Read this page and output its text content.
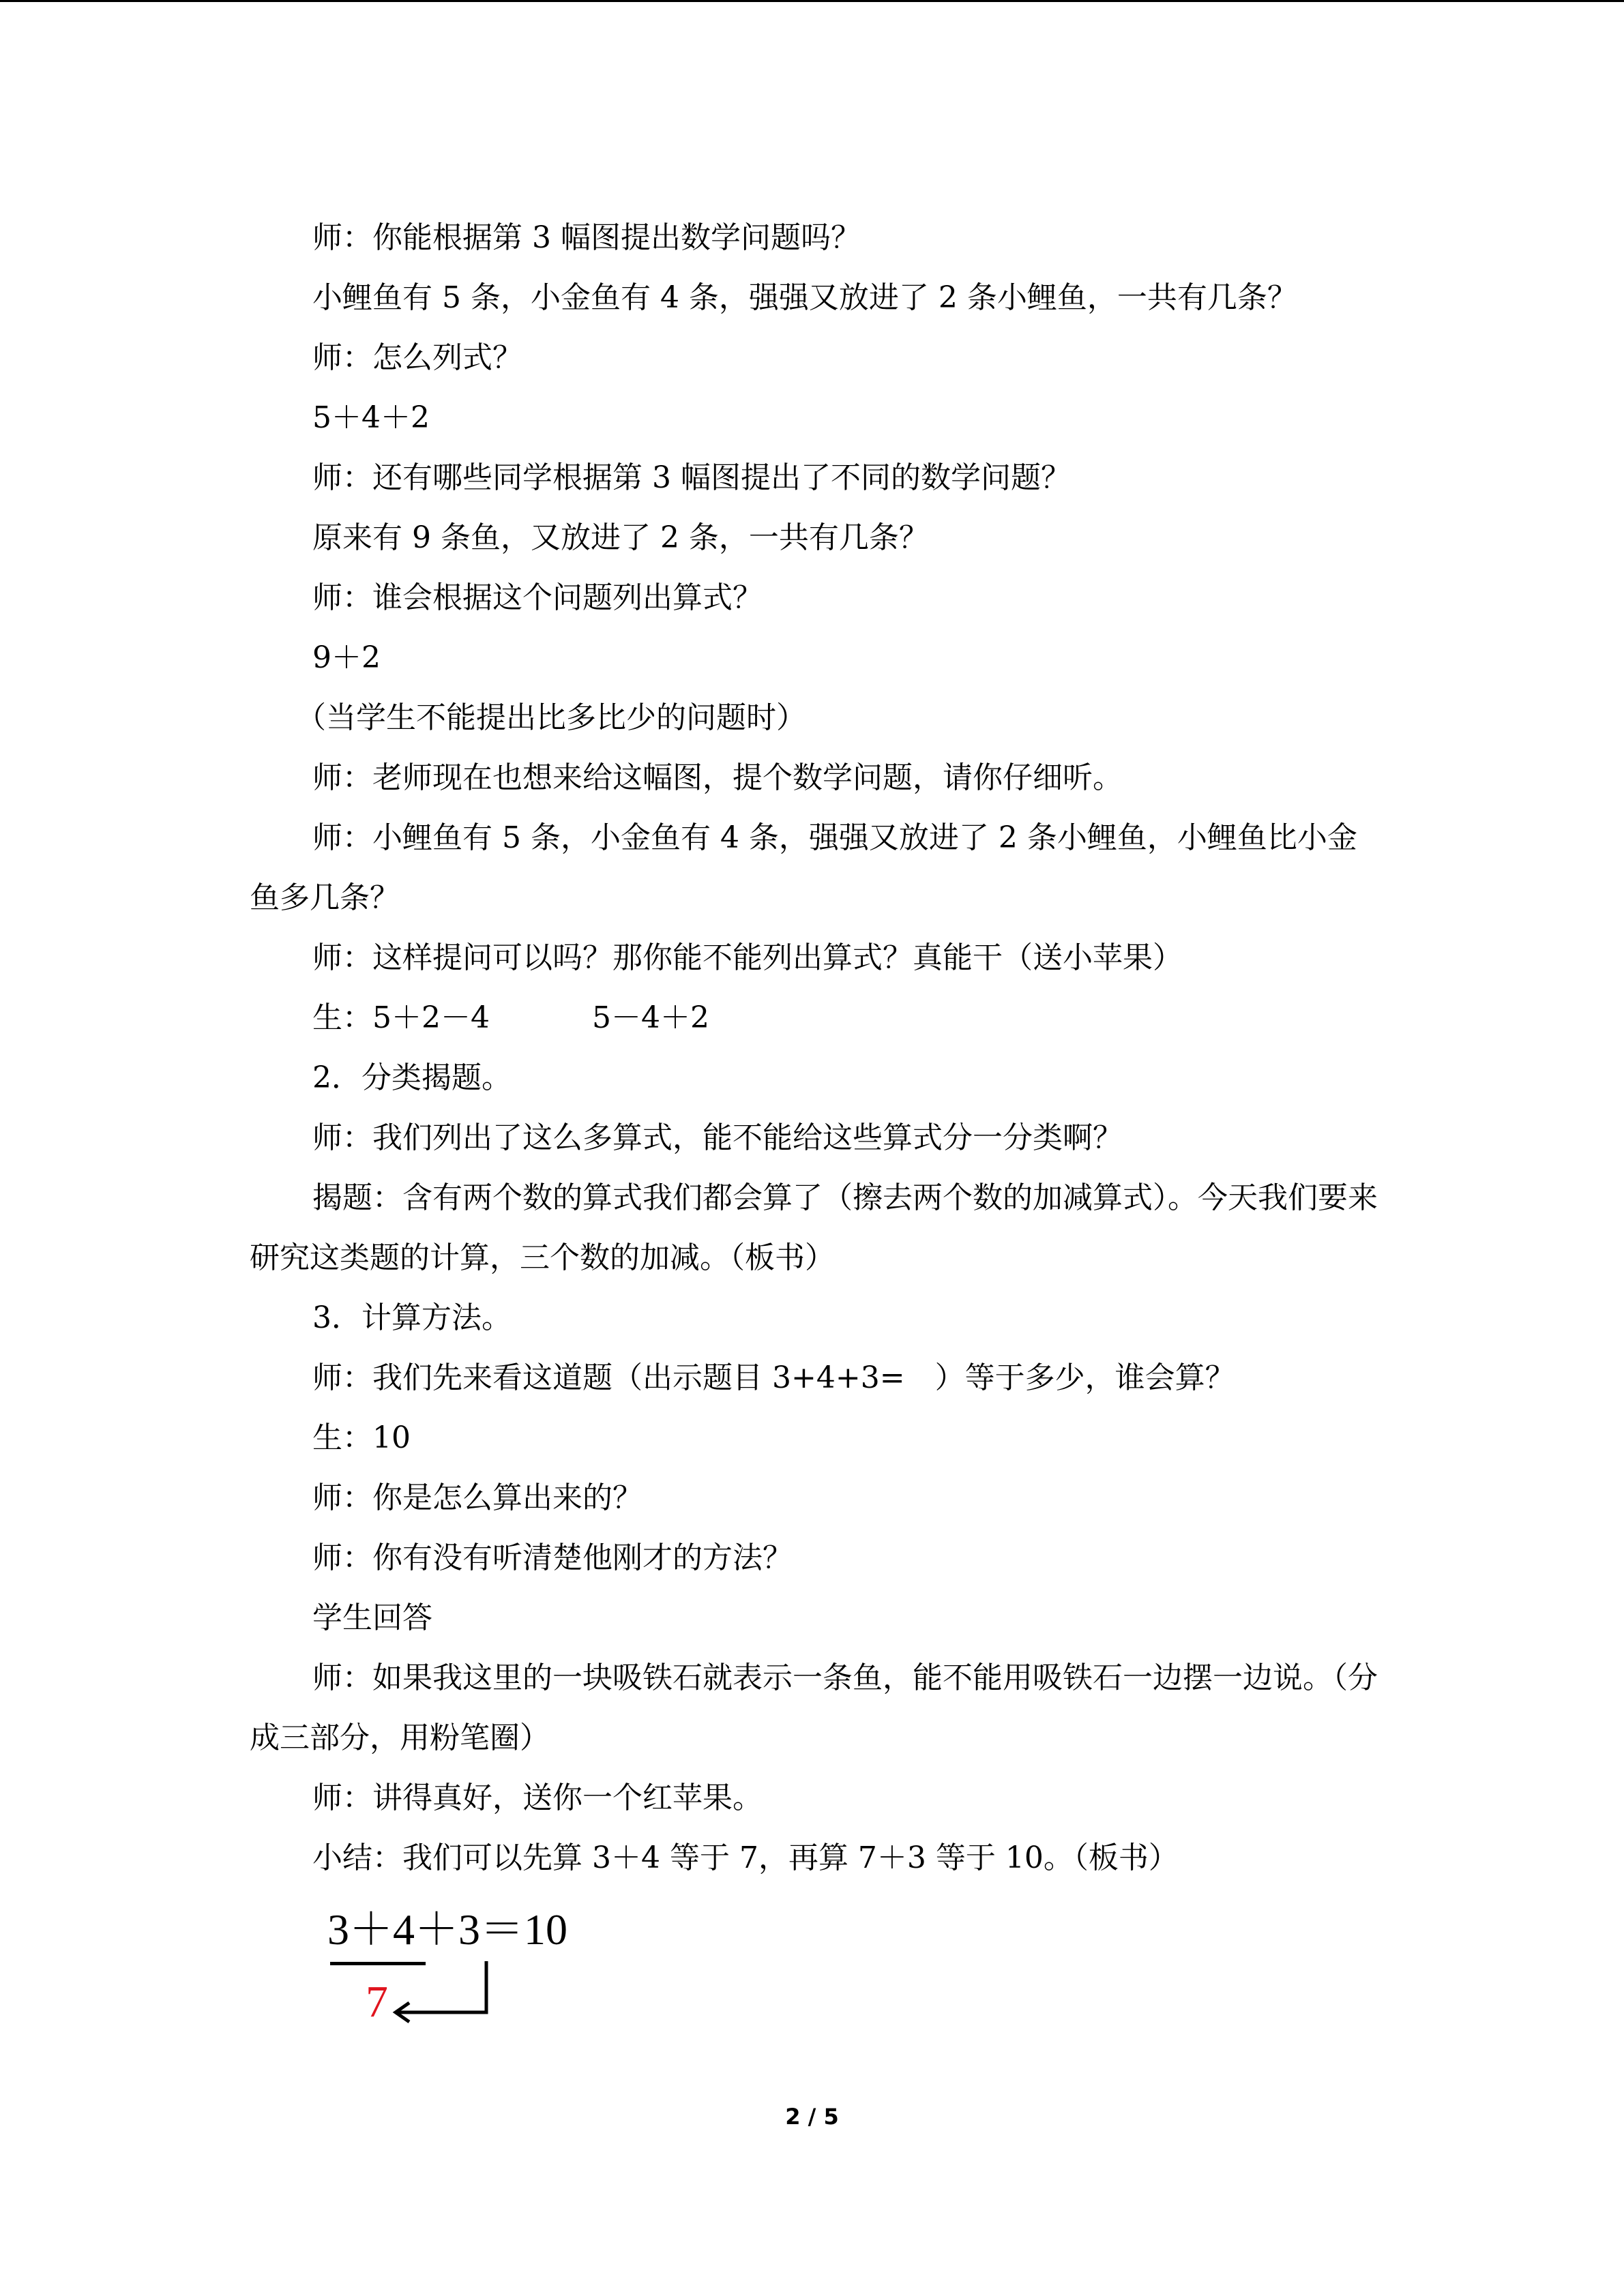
师：你能根据第 3 幅图提出数学问题吗？

小鲤鱼有 5 条，小金鱼有 4 条，强强又放进了 2 条小鲤鱼，一共有几条？

师：怎么列式？

5＋4＋2

师：还有哪些同学根据第 3 幅图提出了不同的数学问题？

原来有 9 条鱼，又放进了 2 条，一共有几条？

师：谁会根据这个问题列出算式？

9＋2

（当学生不能提出比多比少的问题时）

师：老师现在也想来给这幅图，提个数学问题，请你仔细听。

师：小鲤鱼有 5 条，小金鱼有 4 条，强强又放进了 2 条小鲤鱼，小鲤鱼比小金鱼多几条？

师：这样提问可以吗？那你能不能列出算式？真能干（送小苹果）

生：5＋2－4	5－4＋2

2．分类揭题。

师：我们列出了这么多算式，能不能给这些算式分一分类啊？

揭题：含有两个数的算式我们都会算了（擦去两个数的加减算式）。今天我们要来研究这类题的计算，三个数的加减。（板书）

3．计算方法。

师：我们先来看这道题（出示题目 3+4+3=　）等于多少，谁会算？

生：10

师：你是怎么算出来的？

师：你有没有听清楚他刚才的方法？

学生回答

师：如果我这里的一块吸铁石就表示一条鱼，能不能用吸铁石一边摆一边说。（分成三部分，用粉笔圈）

师：讲得真好，送你一个红苹果。

小结：我们可以先算 3＋4 等于 7，再算 7＋3 等于 10。（板书）

3＋4＋3＝10
7
2 / 5
